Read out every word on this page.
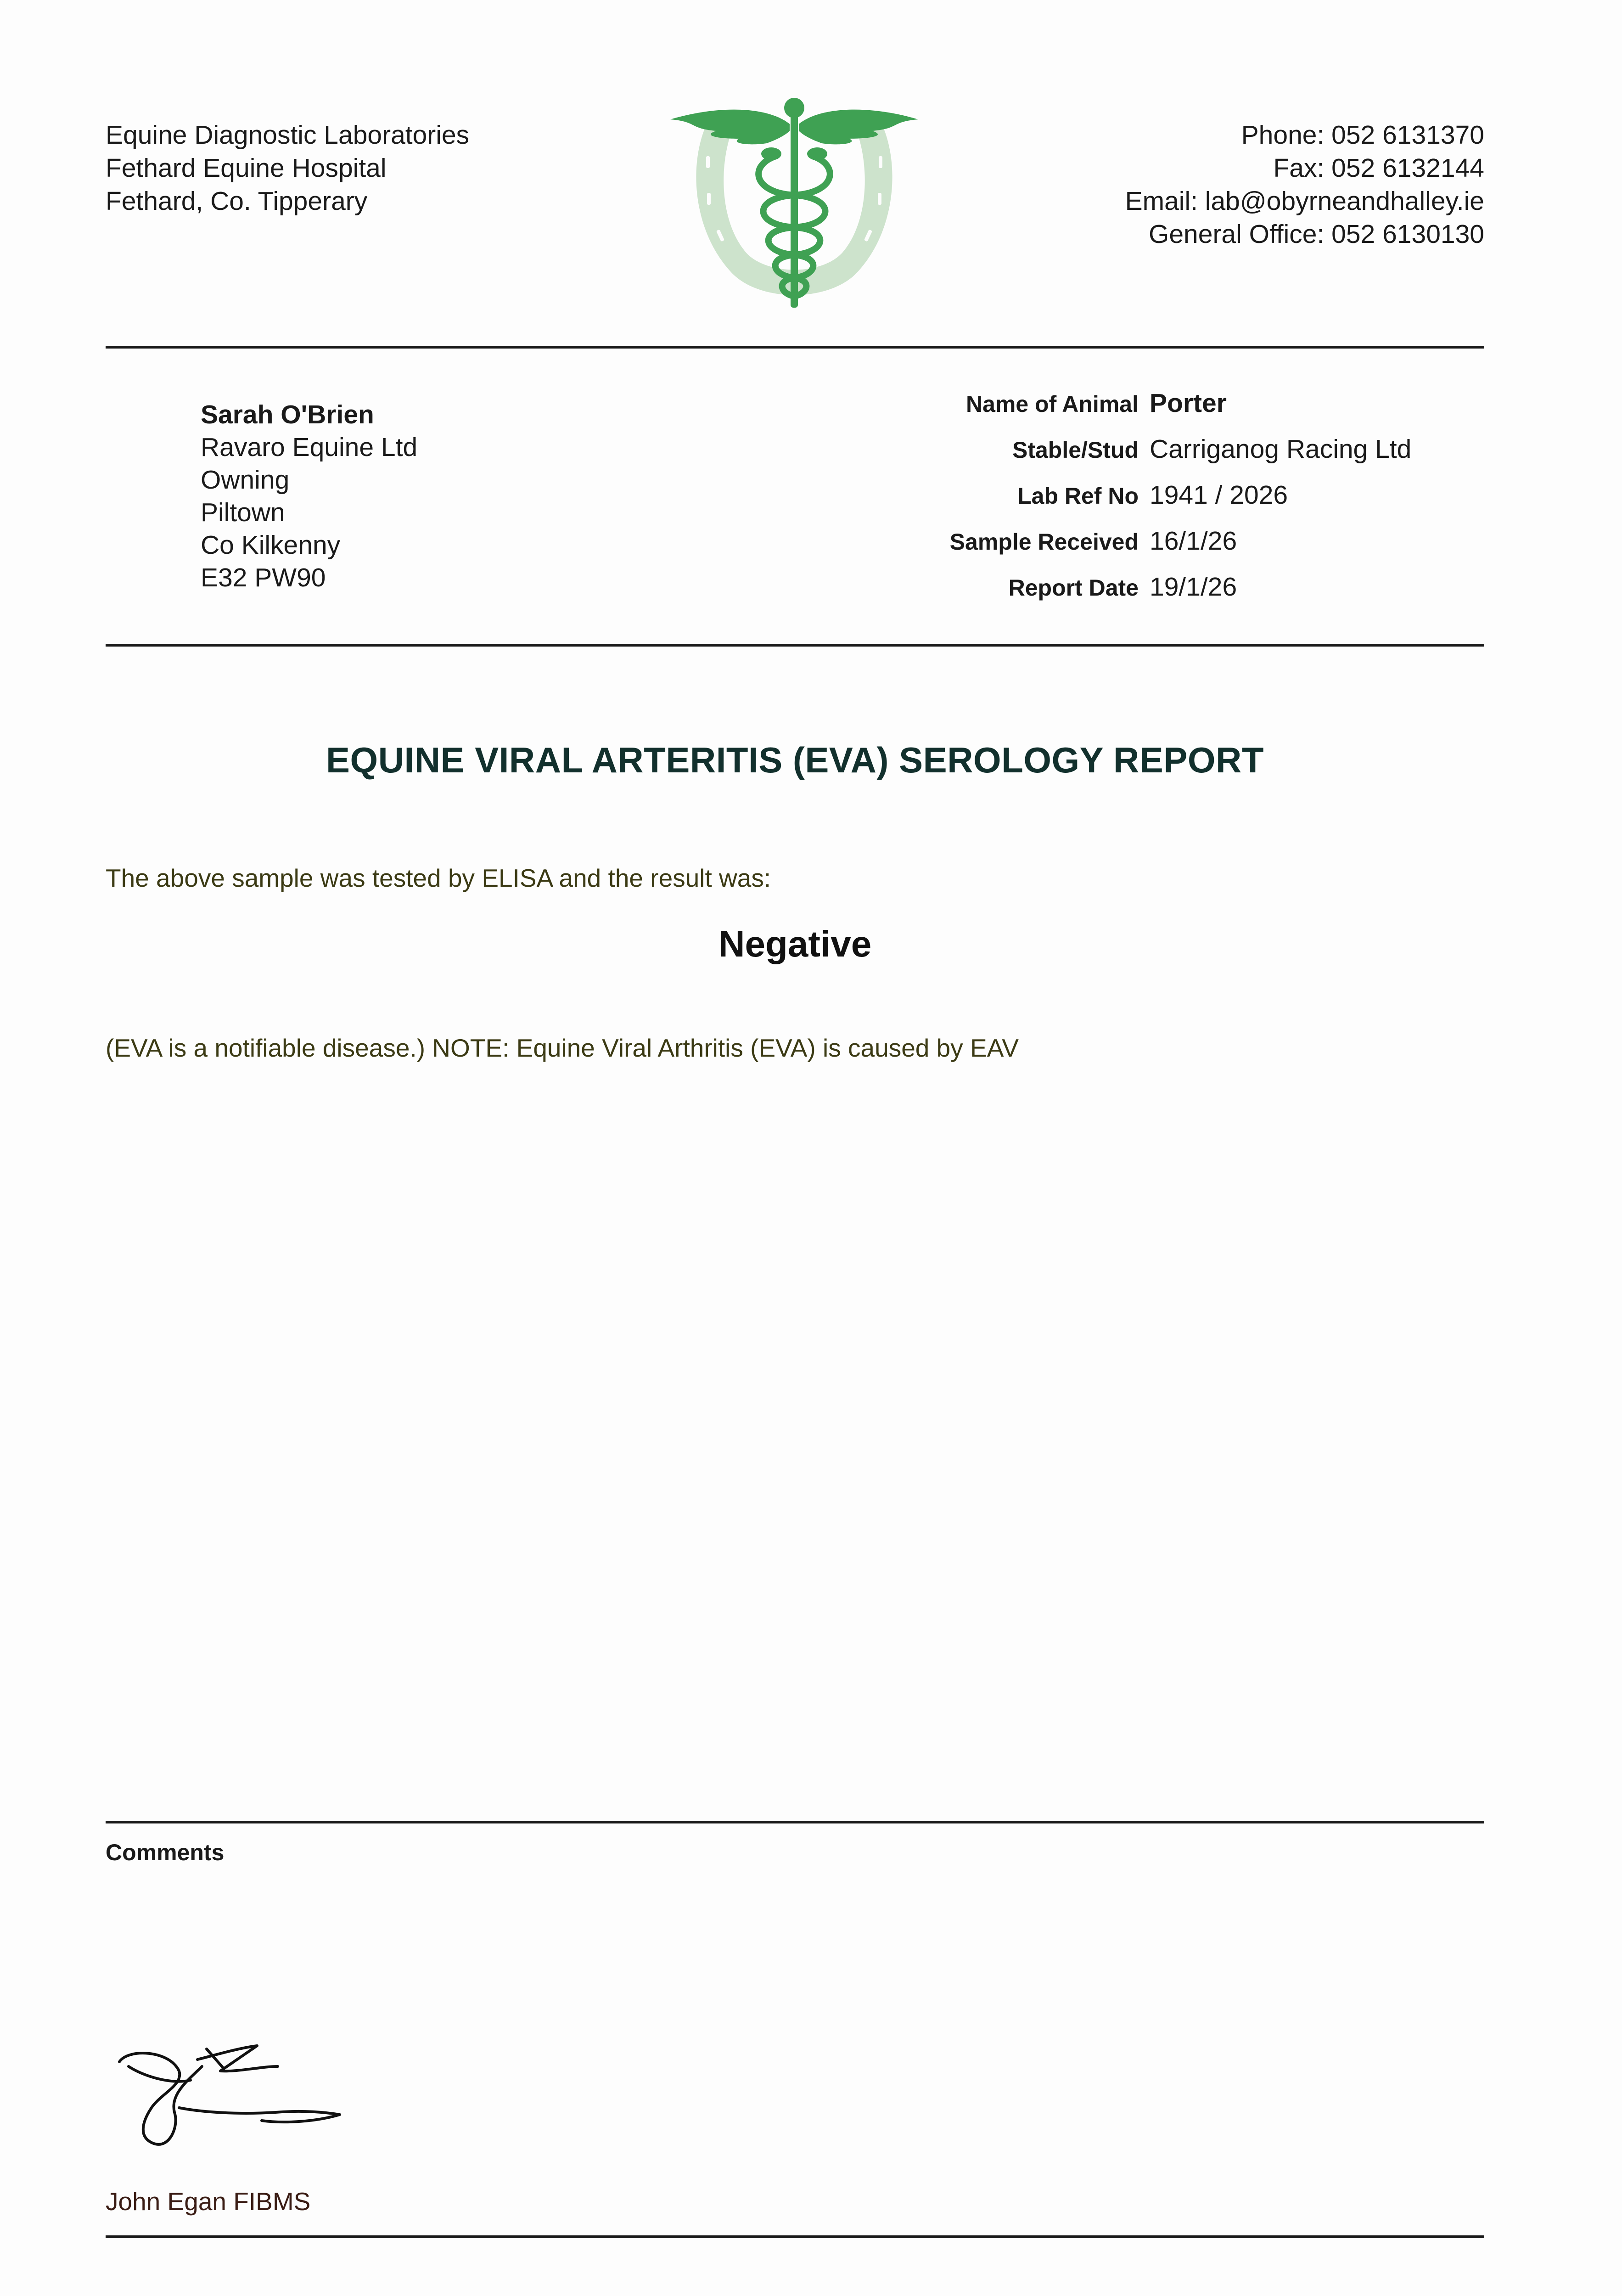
Equine Diagnostic Laboratories
Fethard Equine Hospital
Fethard, Co. Tipperary
Phone: 052 6131370
Fax: 052 6132144
Email: lab@obyrneandhalley.ie
General Office: 052 6130130
Sarah O'Brien
Ravaro Equine Ltd
Owning
Piltown
Co Kilkenny
E32 PW90
Name of Animal Porter
Stable/Stud Carriganog Racing Ltd
Lab Ref No 1941 / 2026
Sample Received 16/1/26
Report Date 19/1/26
EQUINE VIRAL ARTERITIS (EVA) SEROLOGY REPORT
The above sample was tested by ELISA and the result was:
Negative
(EVA is a notifiable disease.) NOTE: Equine Viral Arthritis (EVA) is caused by EAV
Comments
John Egan FIBMS
